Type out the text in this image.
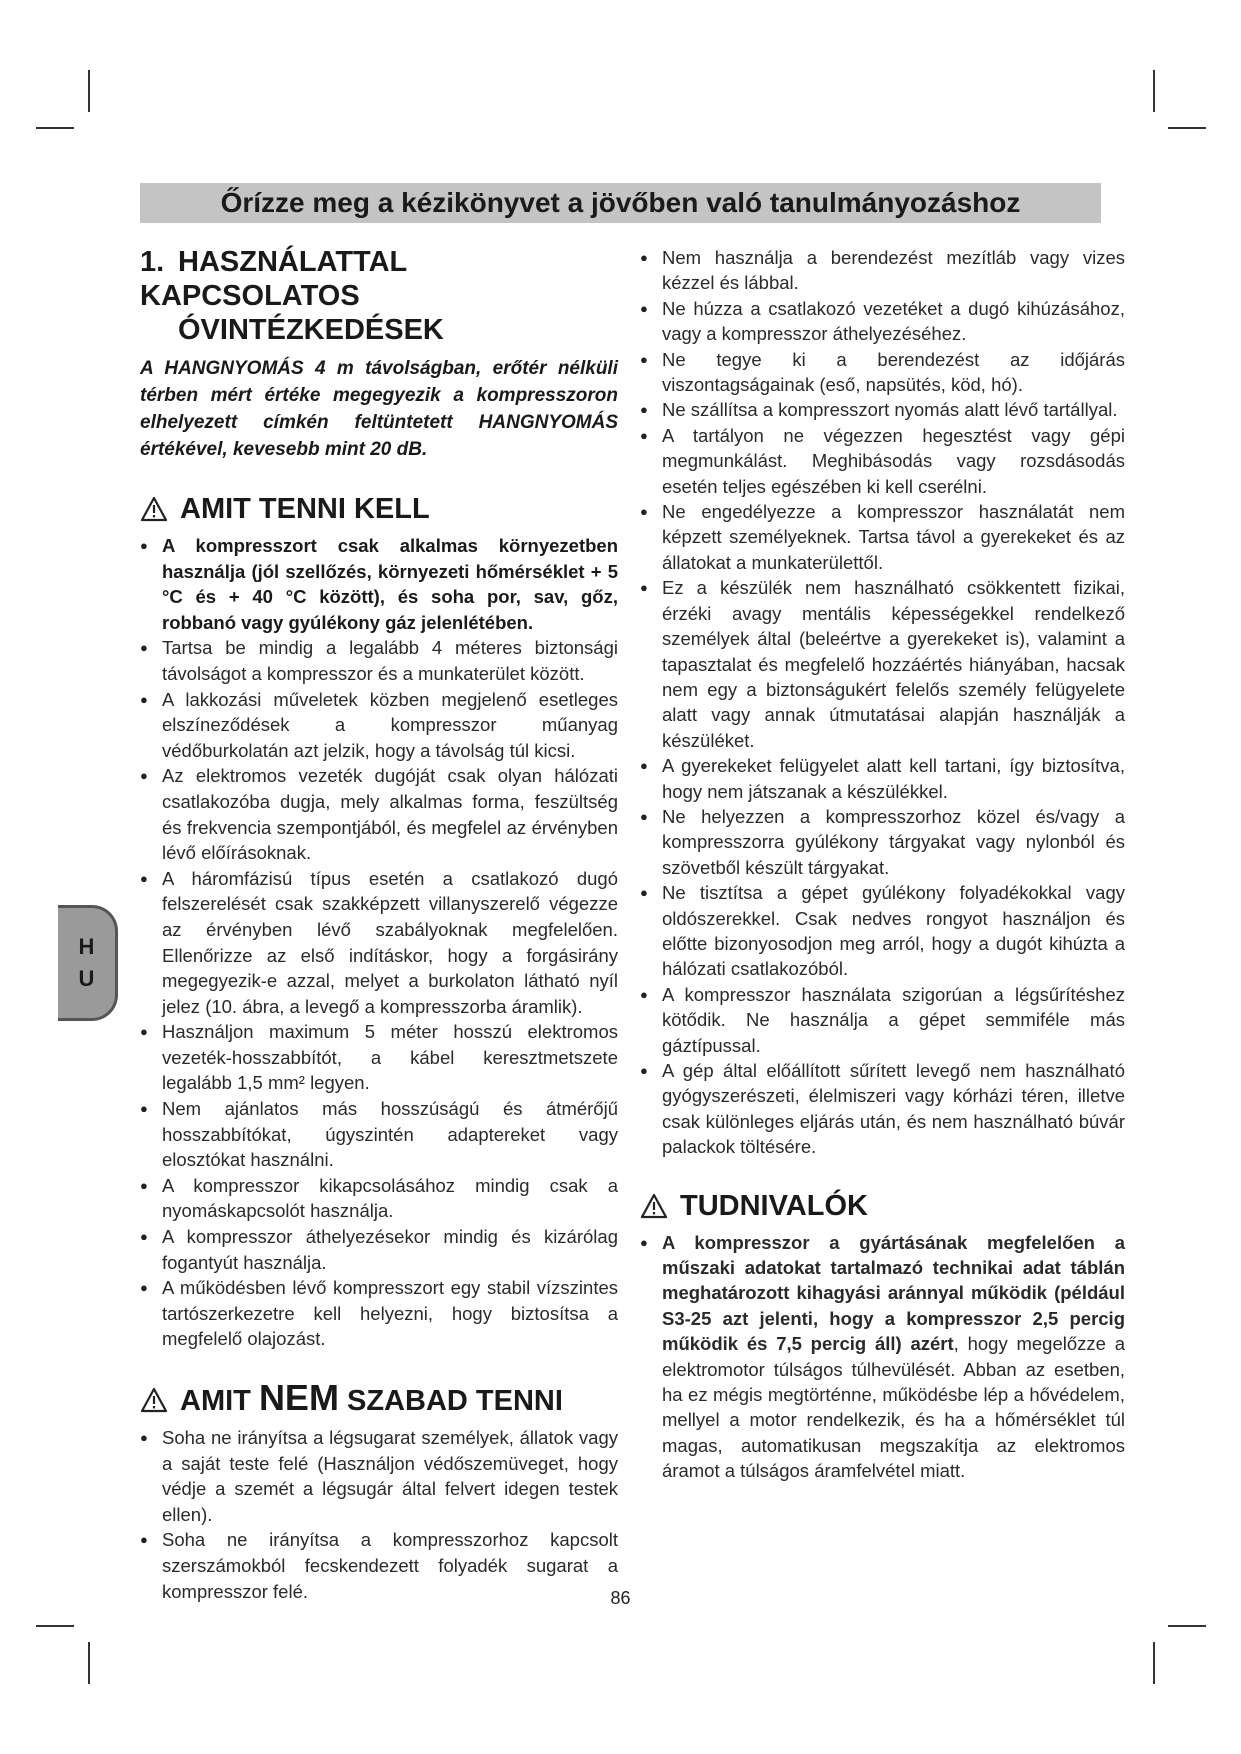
Őrízze meg a kézikönyvet a jövőben való tanulmányozáshoz
1. HASZNÁLATTAL KAPCSOLATOS
ÓVINTÉZKEDÉSEK

A HANGNYOMÁS 4 m távolságban, erőtér nélküli térben mért értéke megegyezik a kompresszoron elhelyezett címkén feltüntetett HANGNYOMÁS értékével, kevesebb mint 20 dB.

AMIT TENNI KELL
● A kompresszort csak alkalmas környezetben használja (jól szellőzés, környezeti hőmérséklet + 5 °C és + 40 °C között), és soha por, sav, gőz, robbanó vagy gyúlékony gáz jelenlétében.
● Tartsa be mindig a legalább 4 méteres biztonsági távolságot a kompresszor és a munkaterület között.
● A lakkozási műveletek közben megjelenő esetleges elszíneződések a kompresszor műanyag védőburkolatán azt jelzik, hogy a távolság túl kicsi.
● Az elektromos vezeték dugóját csak olyan hálózati csatlakozóba dugja, mely alkalmas forma, feszültség és frekvencia szempontjából, és megfelel az érvényben lévő előírásoknak.
● A háromfázisú típus esetén a csatlakozó dugó felszerelését csak szakképzett villanyszerelő végezze az érvényben lévő szabályoknak megfelelően. Ellenőrizze az első indításkor, hogy a forgásirány megegyezik-e azzal, melyet a burkolaton látható nyíl jelez (10. ábra, a levegő a kompresszorba áramlik).
● Használjon maximum 5 méter hosszú elektromos vezeték-hosszabbítót, a kábel keresztmetszete legalább 1,5 mm² legyen.
● Nem ajánlatos más hosszúságú és átmérőjű hosszabbítókat, úgyszintén adaptereket vagy elosztókat használni.
● A kompresszor kikapcsolásához mindig csak a nyomáskapcsolót használja.
● A kompresszor áthelyezésekor mindig és kizárólag fogantyút használja.
● A működésben lévő kompresszort egy stabil vízszintes tartószerkezetre kell helyezni, hogy biztosítsa a megfelelő olajozást.
AMIT NEM SZABAD TENNI
● Soha ne irányítsa a légsugarat személyek, állatok vagy a saját teste felé (Használjon védőszemüveget, hogy védje a szemét a légsugár által felvert idegen testek ellen).
● Soha ne irányítsa a kompresszorhoz kapcsolt szerszámokból fecskendezett folyadék sugarat a kompresszor felé.
● Nem használja a berendezést mezítláb vagy vizes kézzel és lábbal.
● Ne húzza a csatlakozó vezetéket a dugó kihúzásához, vagy a kompresszor áthelyezéséhez.
● Ne tegye ki a berendezést az időjárás viszontagságainak (eső, napsütés, köd, hó).
● Ne szállítsa a kompresszort nyomás alatt lévő tartállyal.
● A tartályon ne végezzen hegesztést vagy gépi megmunkálást. Meghibásodás vagy rozsdásodás esetén teljes egészében ki kell cserélni.
● Ne engedélyezze a kompresszor használatát nem képzett személyeknek. Tartsa távol a gyerekeket és az állatokat a munkaterülettől.
● Ez a készülék nem használható csökkentett fizikai, érzéki avagy mentális képességekkel rendelkező személyek által (beleértve a gyerekeket is), valamint a tapasztalat és megfelelő hozzáértés hiányában, hacsak nem egy a biztonságukért felelős személy felügyelete alatt vagy annak útmutatásai alapján használják a készüléket.
● A gyerekeket felügyelet alatt kell tartani, így biztosítva, hogy nem játszanak a készülékkel.
● Ne helyezzen a kompresszorhoz közel és/vagy a kompresszorra gyúlékony tárgyakat vagy nylonból és szövetből készült tárgyakat.
● Ne tisztítsa a gépet gyúlékony folyadékokkal vagy oldószerekkel. Csak nedves rongyot használjon és előtte bizonyosodjon meg arról, hogy a dugót kihúzta a hálózati csatlakozóból.
● A kompresszor használata szigorúan a légsűrítéshez kötődik. Ne használja a gépet semmiféle más gáztípussal.
● A gép által előállított sűrített levegő nem használható gyógyszerészeti, élelmiszeri vagy kórházi téren, illetve csak különleges eljárás után, és nem használható búvár palackok töltésére.
TUDNIVALÓK
● A kompresszor a gyártásának megfelelően a műszaki adatokat tartalmazó technikai adat táblán meghatározott kihagyási aránnyal működik (például S3-25 azt jelenti, hogy a kompresszor 2,5 percig működik és 7,5 percig áll) azért, hogy megelőzze a elektromotor túlságos túlhevülését. Abban az esetben, ha ez mégis megtörténne, működésbe lép a hővédelem, mellyel a motor rendelkezik, és ha a hőmérséklet túl magas, automatikusan megszakítja az elektromos áramot a túlságos áramfelvétel miatt.
H
U
86
